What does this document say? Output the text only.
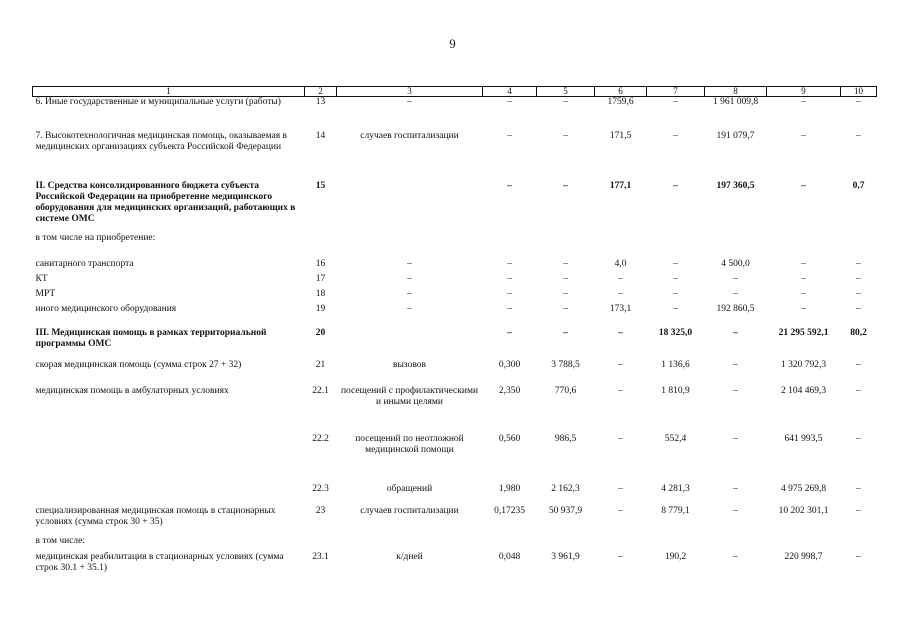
9
1	2	3	4	5	6	7	8	9	10
6. Иные государственные и муниципальные услуги (работы)	13	–	–	–	1759,6	–	1 961 009,8	–	–
7. Высокотехнологичная медицинская помощь, оказываемая в медицинских организациях субъекта Российской Федерации	14	случаев госпитализации	–	–	171,5	–	191 079,7	–	–
II. Средства консолидированного бюджета субъекта Российской Федерации на приобретение медицинского оборудования для медицинских организаций, работающих в системе ОМС	15		–	–	177,1	–	197 360,5	–	0,7
в том числе на приобретение:									
санитарного транспорта	16	–	–	–	4,0	–	4 500,0	–	–
КТ	17	–	–	–	–	–	–	–	–
МРТ	18	–	–	–	–	–	–	–	–
иного медицинского оборудования	19	–	–	–	173,1	–	192 860,5	–	–
III. Медицинская помощь в рамках территориальной программы ОМС	20		–	–	–	18 325,0	–	21 295 592,1	80,2
скорая медицинская помощь (сумма строк 27 + 32)	21	вызовов	0,300	3 788,5	–	1 136,6	–	1 320 792,3	–
медицинская помощь в амбулаторных условиях	22.1	посещений с профилактическими и иными целями	2,350	770,6	–	1 810,9	–	2 104 469,3	–
	22.2	посещений по неотложной медицинской помощи	0,560	986,5	–	552,4	–	641 993,5	–
	22.3	обращений	1,980	2 162,3	–	4 281,3	–	4 975 269,8	–
специализированная медицинская помощь в стационарных условиях (сумма строк 30 + 35)	23	случаев госпитализации	0,17235	50 937,9	–	8 779,1	–	10 202 301,1	–
в том числе:									
медицинская реабилитация в стационарных условиях (сумма строк 30.1 + 35.1)	23.1	к/дней	0,048	3 961,9	–	190,2	–	220 998,7	–
